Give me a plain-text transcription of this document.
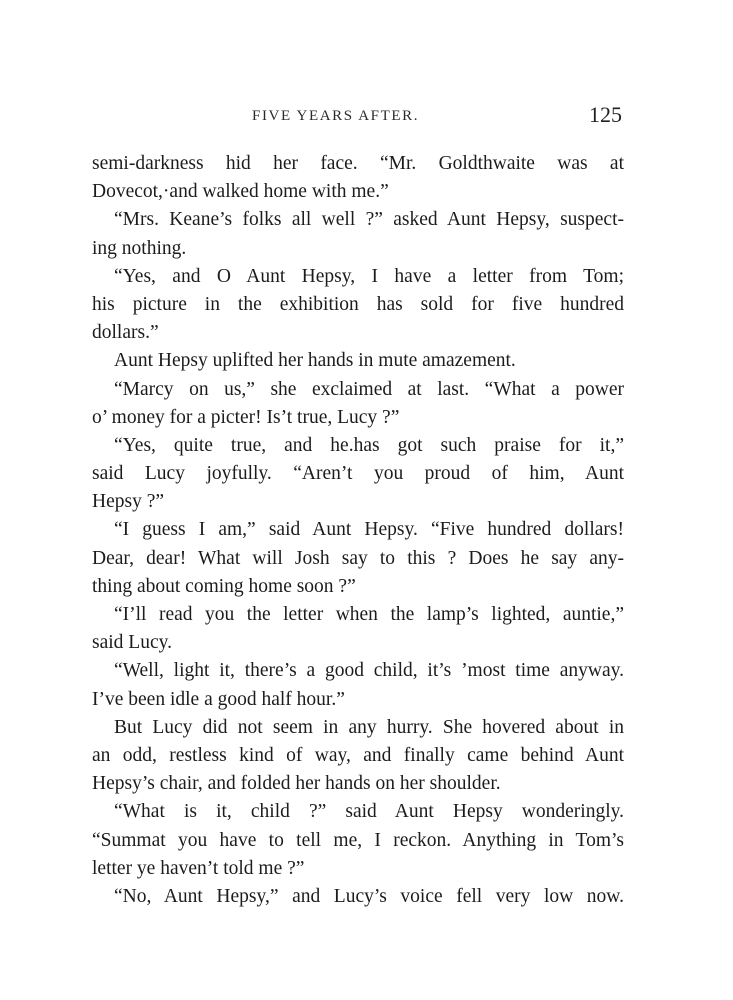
FIVE YEARS AFTER.	125
semi-darkness hid her face. “Mr. Goldthwaite was at
Dovecot,·and walked home with me.”
“Mrs. Keane’s folks all well ?” asked Aunt Hepsy, suspect-
ing nothing.
“Yes, and O Aunt Hepsy, I have a letter from Tom;
his picture in the exhibition has sold for five hundred
dollars.”
Aunt Hepsy uplifted her hands in mute amazement.
“Marcy on us,” she exclaimed at last. “What a power
o’ money for a picter! Is’t true, Lucy ?”
“Yes, quite true, and he.has got such praise for it,”
said Lucy joyfully. “Aren’t you proud of him, Aunt
Hepsy ?”
“I guess I am,” said Aunt Hepsy. “Five hundred dollars!
Dear, dear! What will Josh say to this ? Does he say any-
thing about coming home soon ?”
“I’ll read you the letter when the lamp’s lighted, auntie,”
said Lucy.
“Well, light it, there’s a good child, it’s ’most time anyway.
I’ve been idle a good half hour.”
But Lucy did not seem in any hurry. She hovered about in
an odd, restless kind of way, and finally came behind Aunt
Hepsy’s chair, and folded her hands on her shoulder.
“What is it, child ?” said Aunt Hepsy wonderingly.
“Summat you have to tell me, I reckon. Anything in Tom’s
letter ye haven’t told me ?”
“No, Aunt Hepsy,” and Lucy’s voice fell very low now.
